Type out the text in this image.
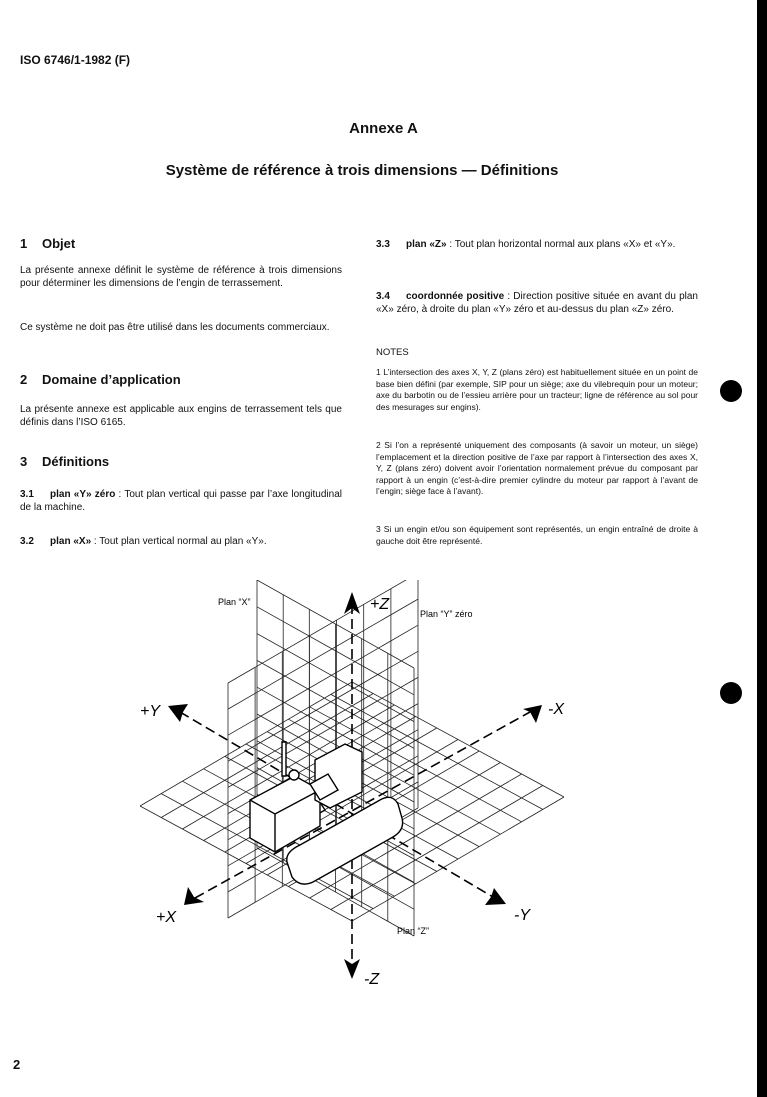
ISO 6746/1-1982 (F)
Annexe A
Système de référence à trois dimensions — Définitions
1 Objet
La présente annexe définit le système de référence à trois dimensions pour déterminer les dimensions de l’engin de terrassement.
Ce système ne doit pas être utilisé dans les documents commerciaux.
2 Domaine d’application
La présente annexe est applicable aux engins de terrassement tels que définis dans l’ISO 6165.
3 Définitions
3.1 plan «Y» zéro : Tout plan vertical qui passe par l’axe longitudinal de la machine.
3.2 plan «X» : Tout plan vertical normal au plan «Y».
3.3 plan «Z» : Tout plan horizontal normal aux plans «X» et «Y».
3.4 coordonnée positive : Direction positive située en avant du plan «X» zéro, à droite du plan «Y» zéro et au-dessus du plan «Z» zéro.
NOTES
1 L’intersection des axes X, Y, Z (plans zéro) est habituellement située en un point de base bien défini (par exemple, SIP pour un siège; axe du vilebrequin pour un moteur; axe du barbotin ou de l’essieu arrière pour un tracteur; ligne de référence au sol pour des mesurages sur engins).
2 Si l’on a représenté uniquement des composants (à savoir un moteur, un siège) l’emplacement et la direction positive de l’axe par rapport à l’intersection des axes X, Y, Z (plans zéro) doivent avoir l’orientation normalement prévue du composant par rapport à un engin (c’est-à-dire premier cylindre du moteur par rapport à l’avant de l’engin; siège face à l’avant).
3 Si un engin et/ou son équipement sont représentés, un engin entraîné de droite à gauche doit être représenté.
Plan “X”
Plan “Y” zéro
Plan “Z”
+Z
-Z
+Y
-Y
+X
-X
2
